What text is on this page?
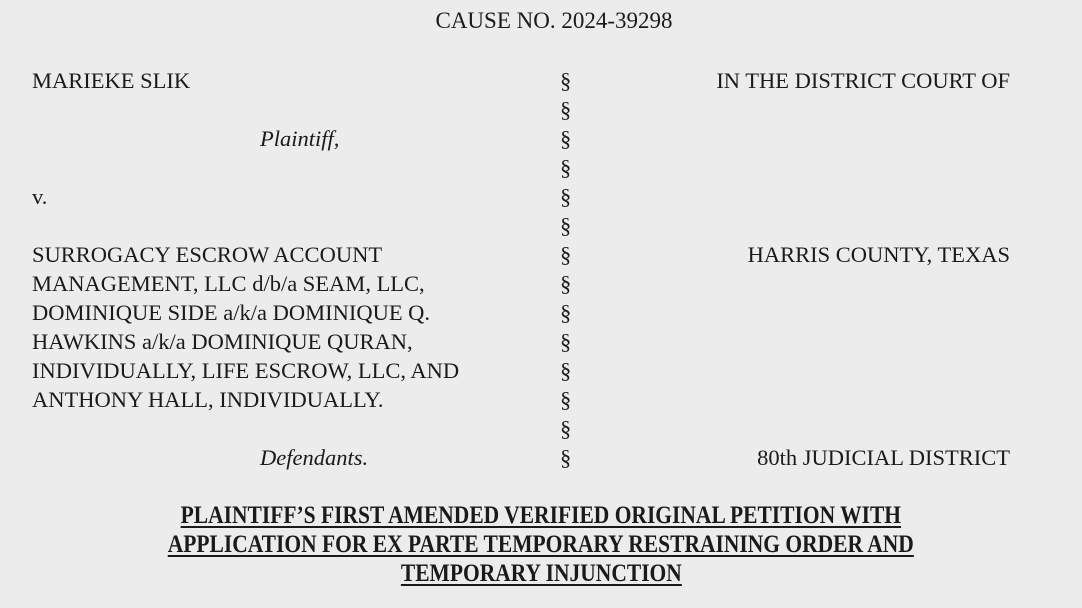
CAUSE NO. 2024-39298
MARIEKE SLIK	§	IN THE DISTRICT COURT OF
§
Plaintiff,	§
§
v.	§
§
SURROGACY ESCROW ACCOUNT	§	HARRIS COUNTY, TEXAS
MANAGEMENT, LLC d/b/a SEAM, LLC,	§
DOMINIQUE SIDE a/k/a DOMINIQUE Q.	§
HAWKINS a/k/a DOMINIQUE QURAN,	§
INDIVIDUALLY, LIFE ESCROW, LLC, AND	§
ANTHONY HALL, INDIVIDUALLY.	§
§
Defendants.	§	80th JUDICIAL DISTRICT
PLAINTIFF’S FIRST AMENDED VERIFIED ORIGINAL PETITION WITH
APPLICATION FOR EX PARTE TEMPORARY RESTRAINING ORDER AND
TEMPORARY INJUNCTION
